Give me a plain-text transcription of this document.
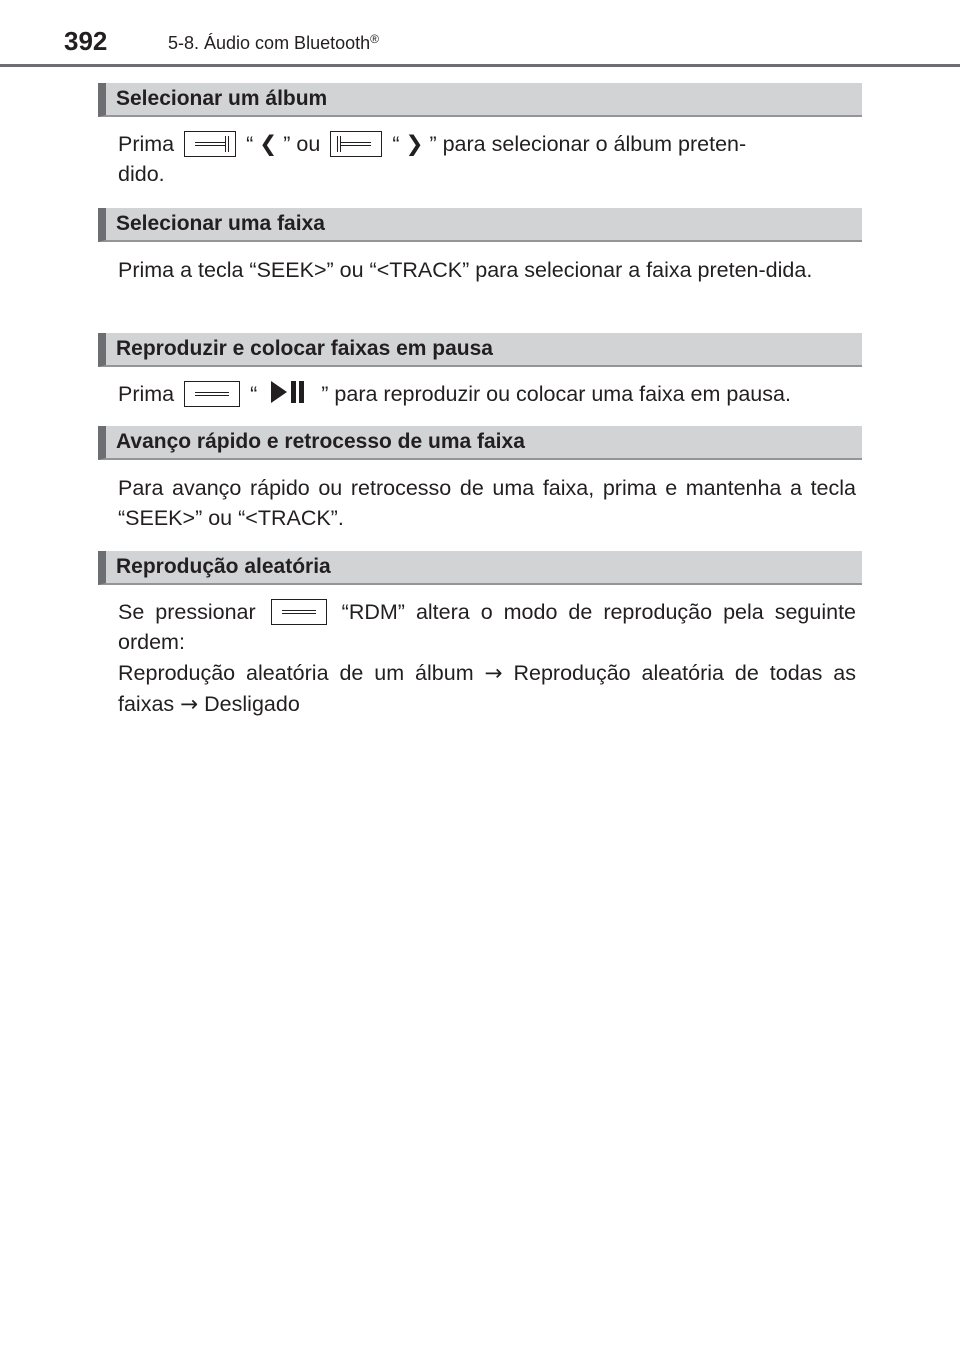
392	5-8. Áudio com Bluetooth®
Selecionar um álbum
Prima	“ ❮ ” ou	“ ❯ ” para selecionar o álbum preten-
dido.
Selecionar uma faixa
Prima a tecla “SEEK>” ou “<TRACK” para selecionar a faixa preten-dida.
Reproduzir e colocar faixas em pausa
Prima	“	” para reproduzir ou colocar uma faixa em pausa.
Avanço rápido e retrocesso de uma faixa
Para avanço rápido ou retrocesso de uma faixa, prima e mantenha a tecla “SEEK>” ou “<TRACK”.
Reprodução aleatória
Se pressionar	“RDM” altera o modo de reprodução pela seguinte ordem:
Reprodução aleatória de um álbum → Reprodução aleatória de todas as faixas → Desligado
